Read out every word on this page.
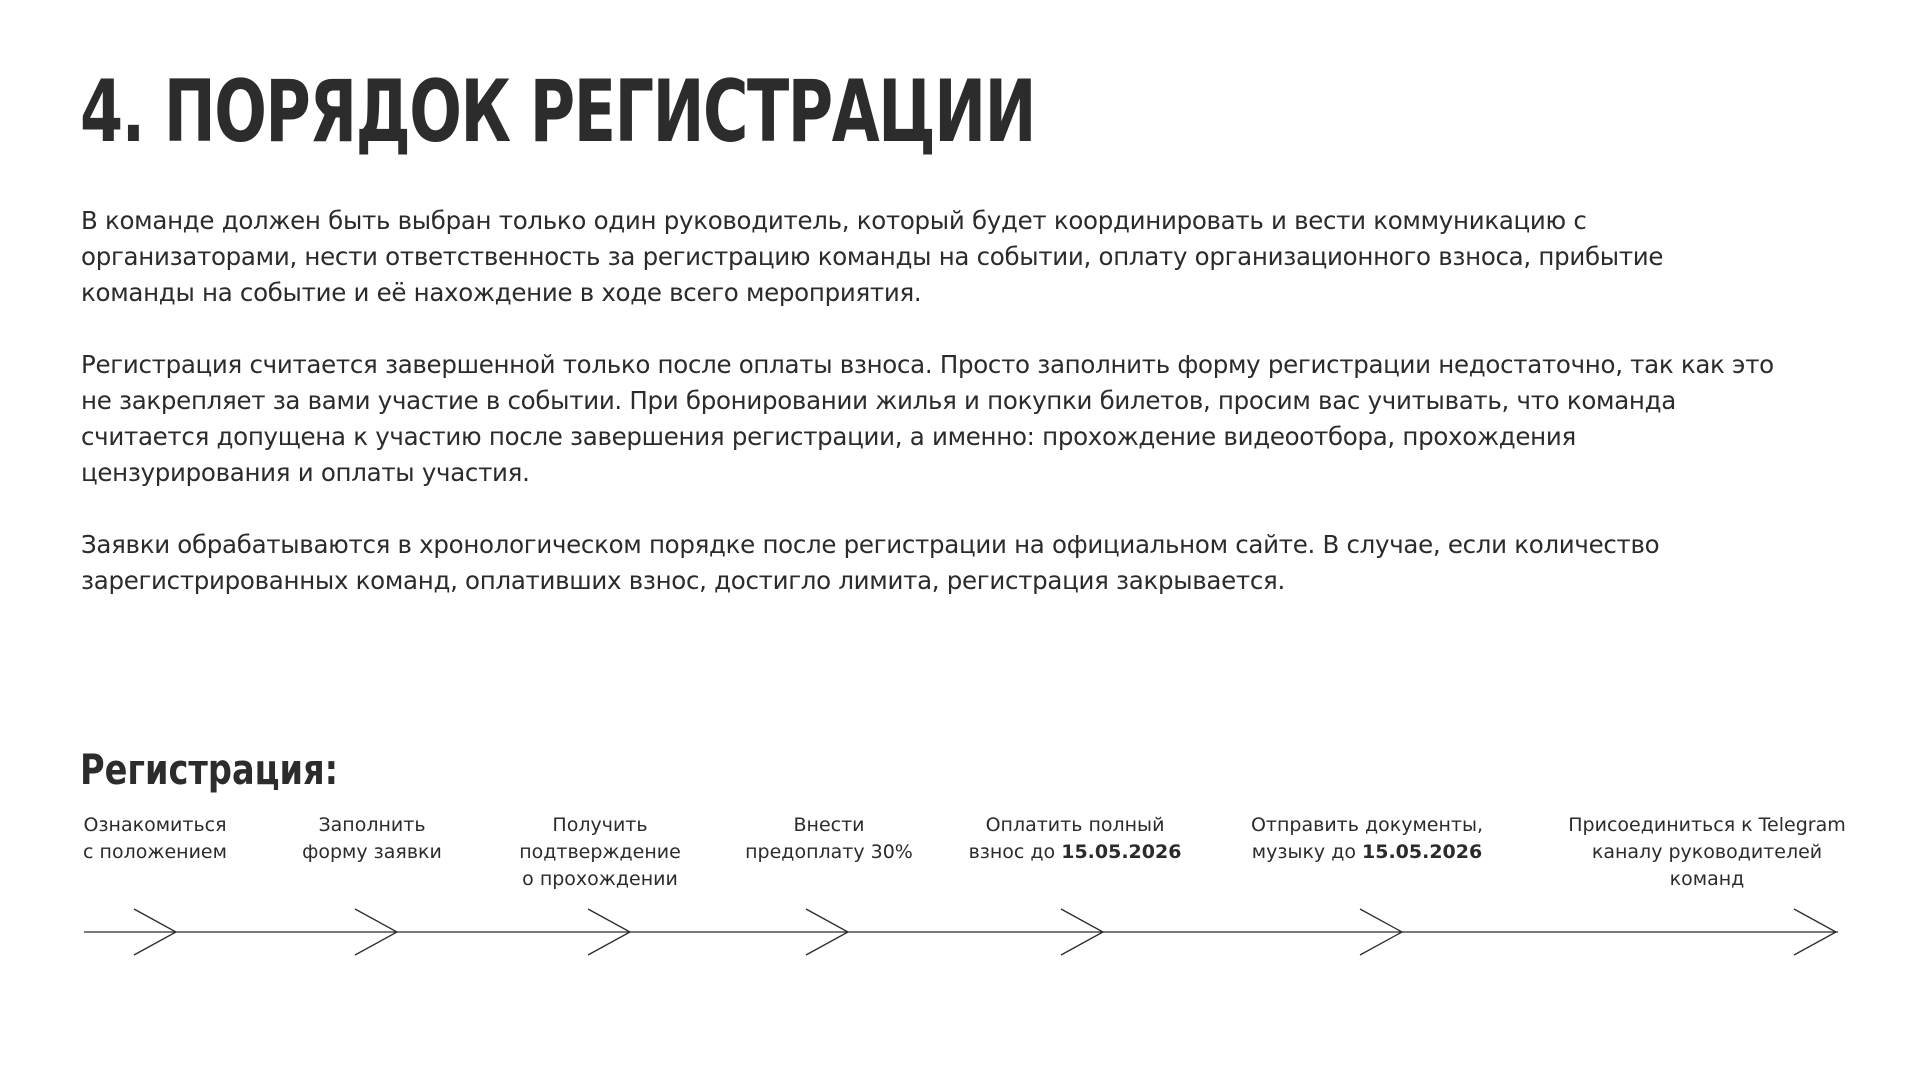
4. ПОРЯДОК РЕГИСТРАЦИИ

В команде должен быть выбран только один руководитель, который будет координировать и вести коммуникацию с
организаторами, нести ответственность за регистрацию команды на событии, оплату организационного взноса, прибытие
команды на событие и её нахождение в ходе всего мероприятия.

Регистрация считается завершенной только после оплаты взноса. Просто заполнить форму регистрации недостаточно, так как это
не закрепляет за вами участие в событии. При бронировании жилья и покупки билетов, просим вас учитывать, что команда
считается допущена к участию после завершения регистрации, а именно: прохождение видеоотбора, прохождения
цензурирования и оплаты участия.

Заявки обрабатываются в хронологическом порядке после регистрации на официальном сайте. В случае, если количество
зарегистрированных команд, оплативших взнос, достигло лимита, регистрация закрывается.

Регистрация:
Ознакомиться
с положением
Заполнить
форму заявки
Получить
подтверждение
о прохождении
Внести
предоплату 30%
Оплатить полный
взнос до 15.05.2026
Отправить документы,
музыку до 15.05.2026
Присоединиться к Telegram
каналу руководителей
команд
